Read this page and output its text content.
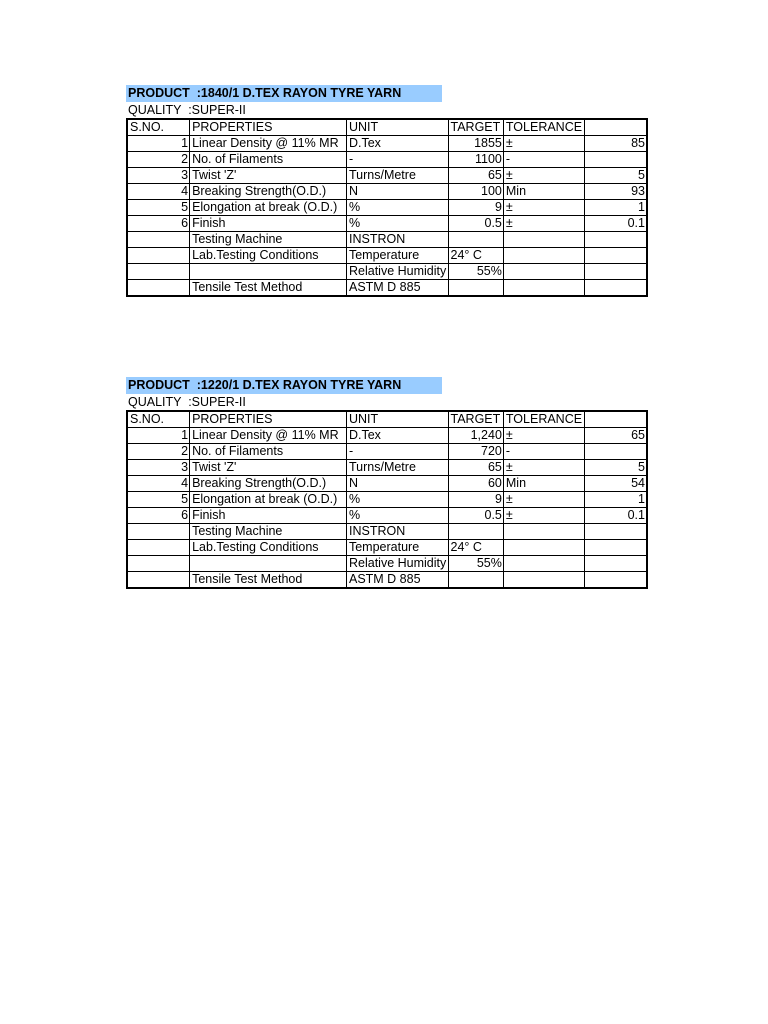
PRODUCT  :1840/1 D.TEX RAYON TYRE YARN
QUALITY  :SUPER-II
S.NO.	PROPERTIES	UNIT	TARGET	TOLERANCE	
1	Linear Density @ 11% MR	D.Tex	1855	±	85
2	No. of Filaments	-	1100	-	
3	Twist 'Z'	Turns/Metre	65	±	5
4	Breaking Strength(O.D.)	N	100	Min	93
5	Elongation at break (O.D.)	%	9	±	1
6	Finish	%	0.5	±	0.1
	Testing Machine	INSTRON			
	Lab.Testing Conditions	Temperature	24° C		
		Relative Humidity	55%		
	Tensile Test Method	ASTM D 885			
PRODUCT  :1220/1 D.TEX RAYON TYRE YARN
QUALITY  :SUPER-II
S.NO.	PROPERTIES	UNIT	TARGET	TOLERANCE	
1	Linear Density @ 11% MR	D.Tex	1,240	±	65
2	No. of Filaments	-	720	-	
3	Twist 'Z'	Turns/Metre	65	±	5
4	Breaking Strength(O.D.)	N	60	Min	54
5	Elongation at break (O.D.)	%	9	±	1
6	Finish	%	0.5	±	0.1
	Testing Machine	INSTRON			
	Lab.Testing Conditions	Temperature	24° C		
		Relative Humidity	55%		
	Tensile Test Method	ASTM D 885			
